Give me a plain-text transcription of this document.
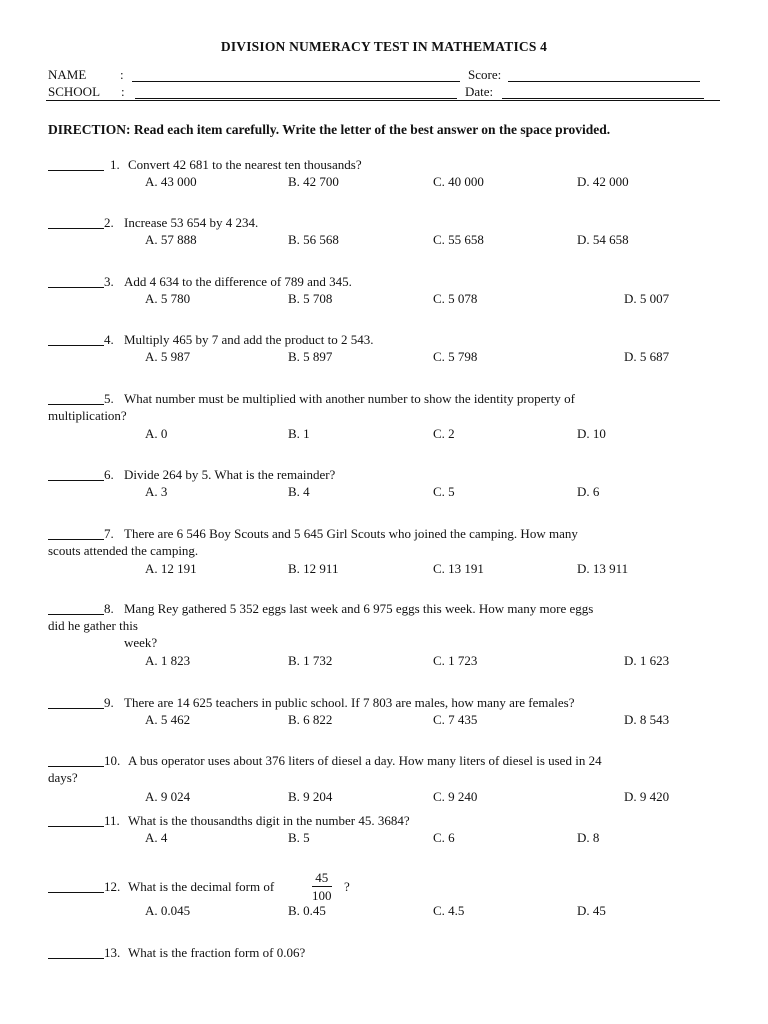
DIVISION NUMERACY TEST IN MATHEMATICS 4
NAME	:	Score:
SCHOOL :	Date:
DIRECTION: Read each item carefully. Write the letter of the best answer on the space provided.
1. Convert 42 681 to the nearest ten thousands?
A. 43 000	B. 42 700	C. 40 000	D. 42 000
2. Increase 53 654 by 4 234.
A. 57 888	B. 56 568	C. 55 658	D. 54 658
3. Add 4 634 to the difference of 789 and 345.
A. 5 780	B. 5 708	C. 5 078	D. 5 007
4. Multiply 465 by 7 and add the product to 2 543.
A. 5 987	B. 5 897	C. 5 798	D. 5 687
5. What number must be multiplied with another number to show the identity property of
multiplication?
A. 0	B. 1	C. 2	D. 10
6. Divide 264 by 5. What is the remainder?
A. 3	B. 4	C. 5	D. 6
7. There are 6 546 Boy Scouts and 5 645 Girl Scouts who joined the camping. How many
scouts attended the camping.
A. 12 191	B. 12 911	C. 13 191	D. 13 911
8. Mang Rey gathered 5 352 eggs last week and 6 975 eggs this week. How many more eggs
did he gather this
week?
A. 1 823	B. 1 732	C. 1 723	D. 1 623
9. There are 14 625 teachers in public school. If 7 803 are males, how many are females?
A. 5 462	B. 6 822	C. 7 435	D. 8 543
10. A bus operator uses about 376 liters of diesel a day. How many liters of diesel is used in 24
days?
A. 9 024	B. 9 204	C. 9 240	D. 9 420
11. What is the thousandths digit in the number 45. 3684?
A. 4	B. 5	C. 6	D. 8
12. What is the decimal form of
45
100
?
A. 0.045	B. 0.45	C. 4.5	D. 45
13. What is the fraction form of 0.06?
